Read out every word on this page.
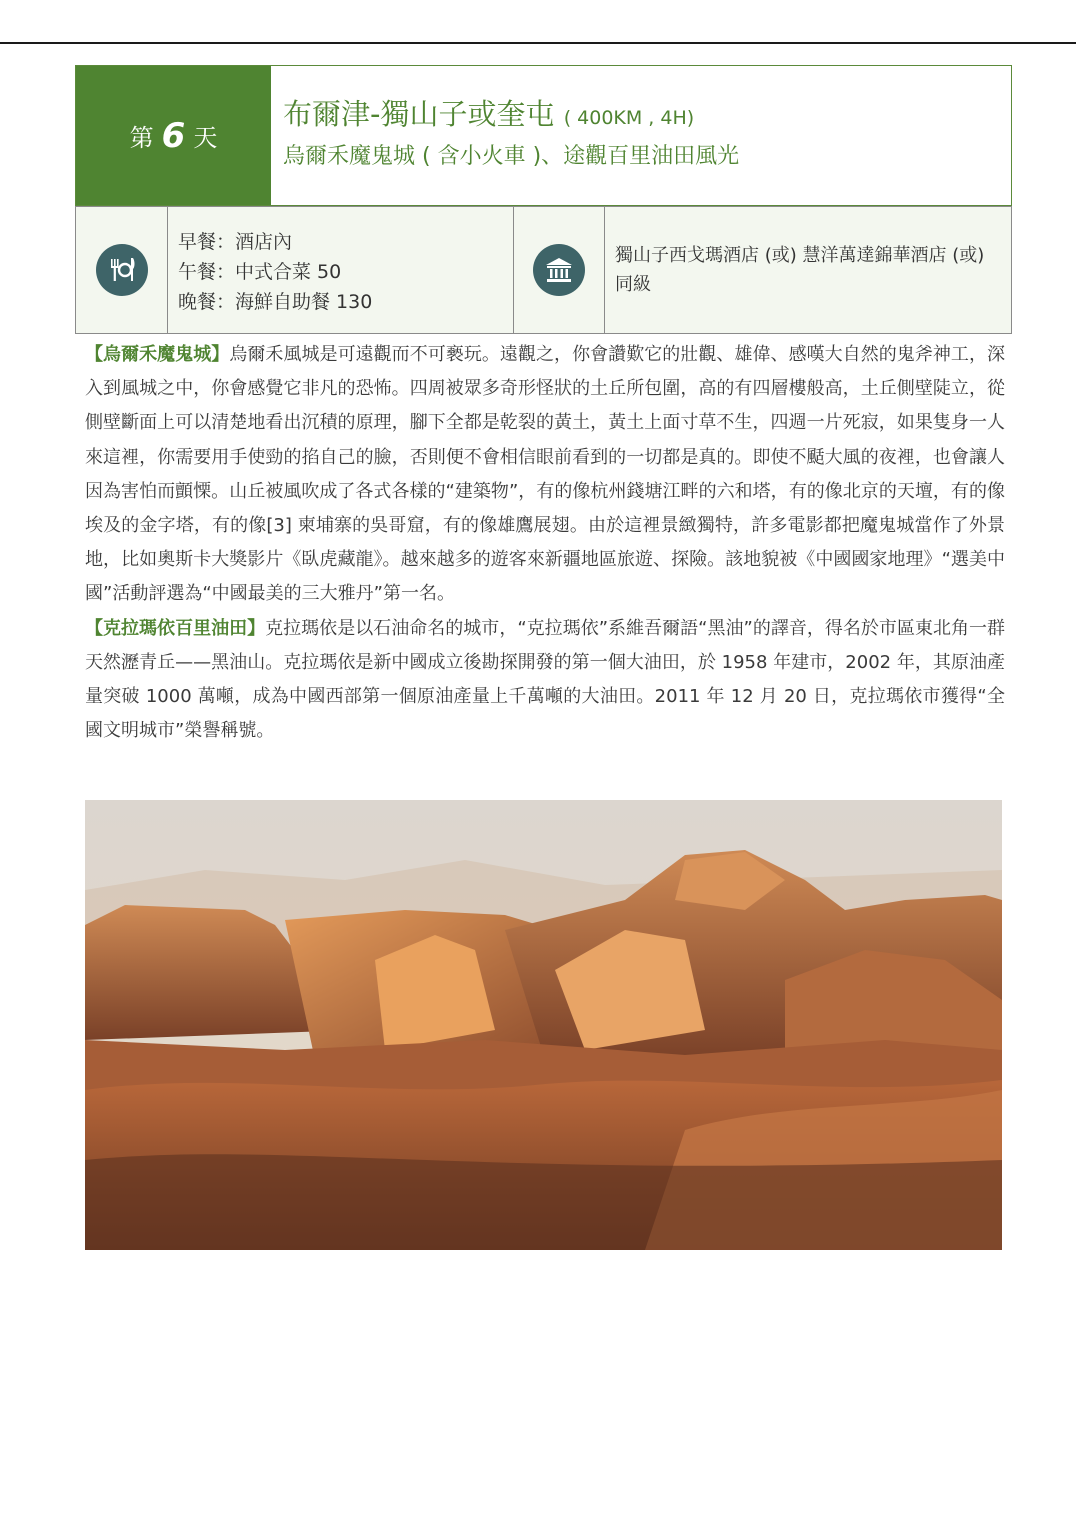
第 6 天
布爾津-獨山子或奎屯 ( 400KM , 4H)
烏爾禾魔鬼城 ( 含小火車 )、途觀百里油田風光
早餐：酒店內
午餐：中式合菜 50
晚餐：海鮮自助餐 130
獨山子西戈瑪酒店 (或) 慧洋萬達錦華酒店 (或)同級

【烏爾禾魔鬼城】烏爾禾風城是可遠觀而不可褻玩。遠觀之，你會讚歎它的壯觀、雄偉、感嘆大自然的鬼斧神工，深入到風城之中，你會感覺它非凡的恐怖。四周被眾多奇形怪狀的土丘所包圍，高的有四層樓般高，土丘側壁陡立，從側壁斷面上可以清楚地看出沉積的原理，腳下全都是乾裂的黃土，黃土上面寸草不生，四週一片死寂，如果隻身一人來這裡，你需要用手使勁的掐自己的臉，否則便不會相信眼前看到的一切都是真的。即使不颳大風的夜裡，也會讓人因為害怕而顫慄。山丘被風吹成了各式各樣的“建築物”，有的像杭州錢塘江畔的六和塔，有的像北京的天壇，有的像埃及的金字塔，有的像[3] 柬埔寨的吳哥窟，有的像雄鷹展翅。由於這裡景緻獨特，許多電影都把魔鬼城當作了外景地，比如奧斯卡大獎影片《臥虎藏龍》。越來越多的遊客來新疆地區旅遊、探險。該地貌被《中國國家地理》“選美中國”活動評選為“中國最美的三大雅丹”第一名。

【克拉瑪依百里油田】克拉瑪依是以石油命名的城市，“克拉瑪依”系維吾爾語“黑油”的譯音，得名於市區東北角一群天然瀝青丘——黑油山。克拉瑪依是新中國成立後勘探開發的第一個大油田，於 1958 年建市，2002 年，其原油產量突破 1000 萬噸，成為中國西部第一個原油產量上千萬噸的大油田。2011 年 12 月 20 日，克拉瑪依市獲得“全國文明城市”榮譽稱號。
